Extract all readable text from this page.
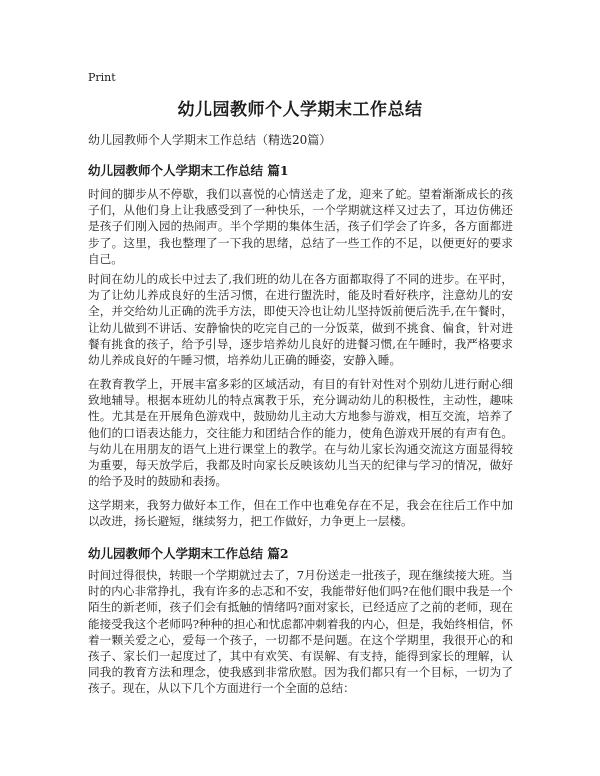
Print
幼儿园教师个人学期末工作总结
幼儿园教师个人学期末工作总结（精选20篇）
幼儿园教师个人学期末工作总结 篇1

时间的脚步从不停歇，我们以喜悦的心情送走了龙，迎来了蛇。望着渐渐成长的孩子们，从他们身上让我感受到了一种快乐，一个学期就这样又过去了，耳边仿佛还是孩子们刚入园的热闹声。半个学期的集体生活，孩子们学会了许多，各方面都进步了。这里，我也整理了一下我的思绪，总结了一些工作的不足，以便更好的要求自己。

时间在幼儿的成长中过去了,我们班的幼儿在各方面都取得了不同的进步。在平时，为了让幼儿养成良好的生活习惯，在进行盥洗时，能及时看好秩序，注意幼儿的安全，并交给幼儿正确的洗手方法，即使天冷也让幼儿坚持饭前便后洗手,在午餐时，让幼儿做到不讲话、安静愉快的吃完自己的一分饭菜，做到不挑食、偏食，针对进餐有挑食的孩子，给予引导，逐步培养幼儿良好的进餐习惯,在午睡时，我严格要求幼儿养成良好的午睡习惯，培养幼儿正确的睡姿，安静入睡。

在教育教学上，开展丰富多彩的区域活动，有目的有针对性对个别幼儿进行耐心细致地辅导。根据本班幼儿的特点寓教于乐，充分调动幼儿的积极性，主动性，趣味性。尤其是在开展角色游戏中，鼓励幼儿主动大方地参与游戏，相互交流，培养了他们的口语表达能力，交往能力和团结合作的能力，使角色游戏开展的有声有色。与幼儿在用朋友的语气上进行课堂上的教学。在与幼儿家长沟通交流这方面显得较为重要，每天放学后，我都及时向家长反映该幼儿当天的纪律与学习的情况，做好的给予及时的鼓励和表扬。

这学期来，我努力做好本工作，但在工作中也难免存在不足，我会在往后工作中加以改进，扬长避短，继续努力，把工作做好，力争更上一层楼。

幼儿园教师个人学期末工作总结 篇2

时间过得很快，转眼一个学期就过去了，7月份送走一批孩子，现在继续接大班。当时的内心非常挣扎，我有许多的忐忑和不安，我能带好他们吗?在他们眼中我是一个陌生的新老师，孩子们会有抵触的情绪吗?面对家长，已经适应了之前的老师，现在能接受我这个老师吗?种种的担心和忧虑都冲刺着我的内心，但是，我始终相信，怀着一颗关爱之心，爱每一个孩子，一切都不是问题。在这个学期里，我很开心的和孩子、家长们一起度过了，其中有欢笑、有误解、有支持，能得到家长的理解，认同我的教育方法和理念，使我感到非常欣慰。因为我们都只有一个目标，一切为了孩子。现在，从以下几个方面进行一个全面的总结：
